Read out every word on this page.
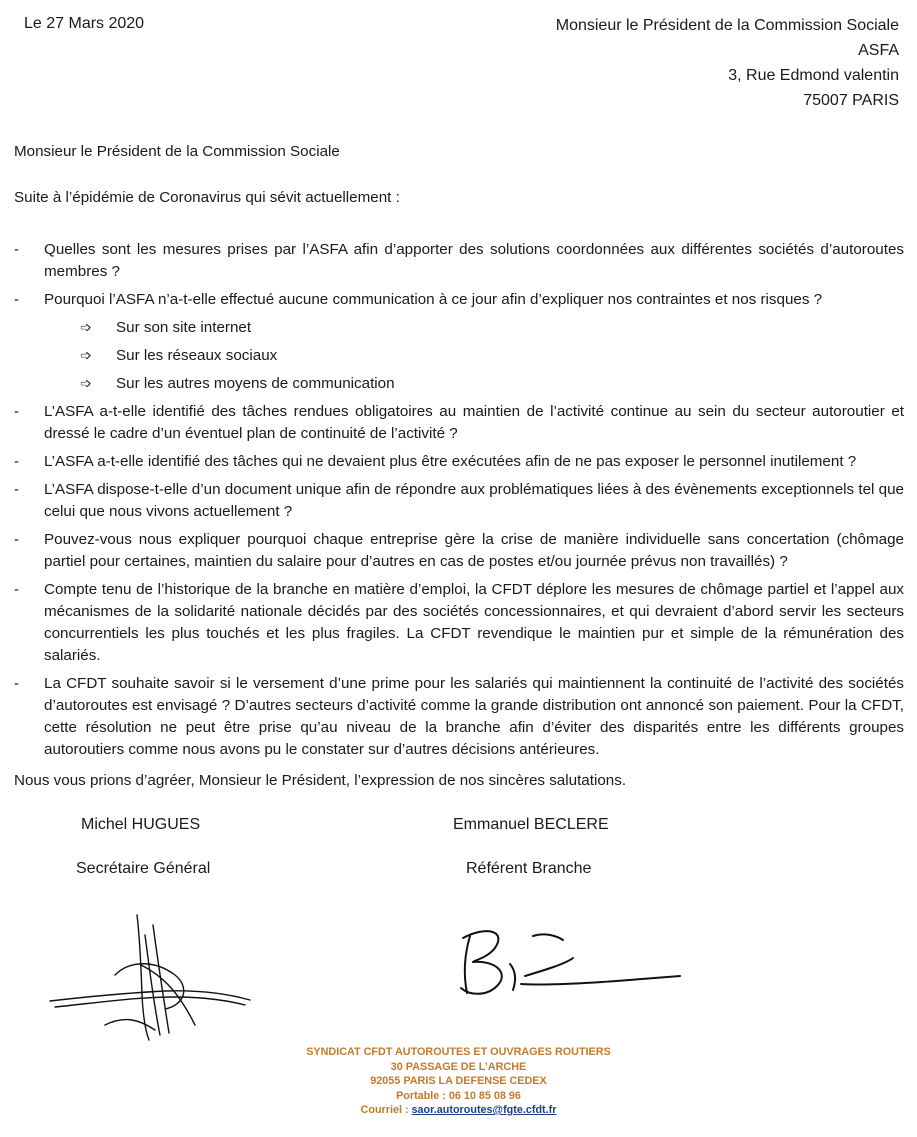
Le 27 Mars 2020	Monsieur le Président de la Commission Sociale
ASFA
3, Rue Edmond valentin
75007 PARIS
Monsieur le Président de la Commission Sociale
Suite à l’épidémie de Coronavirus qui sévit actuellement :
- Quelles sont les mesures prises par l’ASFA afin d’apporter des solutions coordonnées aux différentes sociétés d’autoroutes membres ?
- Pourquoi l’ASFA n’a-t-elle effectué aucune communication à ce jour afin d’expliquer nos contraintes et nos risques ?
➩ Sur son site internet
➩ Sur les réseaux sociaux
➩ Sur les autres moyens de communication
- L’ASFA a-t-elle identifié des tâches rendues obligatoires au maintien de l’activité continue au sein du secteur autoroutier et dressé le cadre d’un éventuel plan de continuité de l’activité ?
- L’ASFA a-t-elle identifié des tâches qui ne devaient plus être exécutées afin de ne pas exposer le personnel inutilement ?
- L’ASFA dispose-t-elle d’un document unique afin de répondre aux problématiques liées à des évènements exceptionnels tel que celui que nous vivons actuellement ?
- Pouvez-vous nous expliquer pourquoi chaque entreprise gère la crise de manière individuelle sans concertation (chômage partiel pour certaines, maintien du salaire pour d’autres en cas de postes et/ou journée prévus non travaillés) ?
- Compte tenu de l’historique de la branche en matière d’emploi, la CFDT déplore les mesures de chômage partiel et l’appel aux mécanismes de la solidarité nationale décidés par des sociétés concessionnaires, et qui devraient d’abord servir les secteurs concurrentiels les plus touchés et les plus fragiles. La CFDT revendique le maintien pur et simple de la rémunération des salariés.
- La CFDT souhaite savoir si le versement d’une prime pour les salariés qui maintiennent la continuité de l’activité des sociétés d’autoroutes est envisagé ? D’autres secteurs d’activité comme la grande distribution ont annoncé son paiement. Pour la CFDT, cette résolution ne peut être prise qu’au niveau de la branche afin d’éviter des disparités entre les différents groupes autoroutiers comme nous avons pu le constater sur d’autres décisions antérieures.
Nous vous prions d’agréer, Monsieur le Président, l’expression de nos sincères salutations.
Michel HUGUES
Secrétaire Général
Emmanuel BECLERE
Référent Branche
SYNDICAT CFDT AUTOROUTES ET OUVRAGES ROUTIERS
30 PASSAGE DE L’ARCHE
92055 PARIS LA DEFENSE CEDEX
Portable : 06 10 85 08 96
Courriel : saor.autoroutes@fgte.cfdt.fr
